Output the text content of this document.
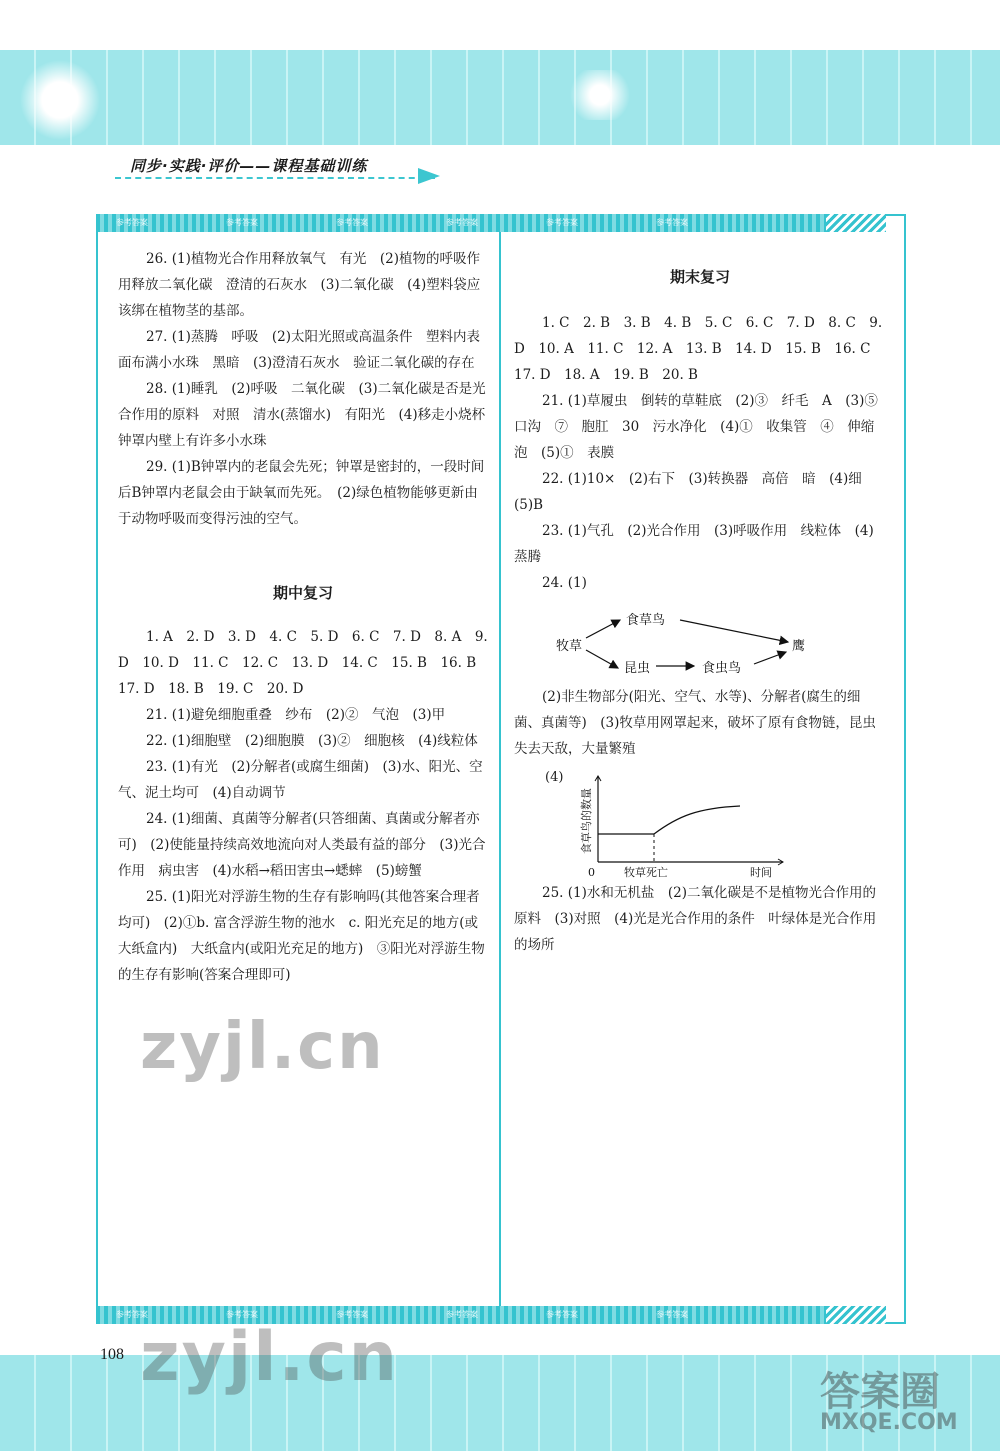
同步·实践·评价——课程基础训练
参考答案	参考答案	参考答案	参考答案	参考答案	参考答案
参考答案	参考答案	参考答案	参考答案	参考答案	参考答案

26. (1)植物光合作用释放氧气　有光　(2)植物的呼吸作用释放二氧化碳　澄清的石灰水　(3)二氧化碳　(4)塑料袋应该绑在植物茎的基部。

27. (1)蒸腾　呼吸　(2)太阳光照或高温条件　塑料内表面布满小水珠　黑暗　(3)澄清石灰水　验证二氧化碳的存在

28. (1)睡乳　(2)呼吸　二氧化碳　(3)二氧化碳是否是光合作用的原料　对照　清水(蒸馏水)　有阳光　(4)移走小烧杯　钟罩内壁上有许多小水珠

29. (1)B钟罩内的老鼠会先死；钟罩是密封的，一段时间后B钟罩内老鼠会由于缺氧而先死。　(2)绿色植物能够更新由于动物呼吸而变得污浊的空气。

期中复习

1. A　2. D　3. D　4. C　5. D　6. C　7. D　8. A　9. D　10. D　11. C　12. C　13. D　14. C　15. B　16. B　17. D　18. B　19. C　20. D

21. (1)避免细胞重叠　纱布　(2)②　气泡　(3)甲

22. (1)细胞壁　(2)细胞膜　(3)②　细胞核　(4)线粒体

23. (1)有光　(2)分解者(或腐生细菌)　(3)水、阳光、空气、泥土均可　(4)自动调节

24. (1)细菌、真菌等分解者(只答细菌、真菌或分解者亦可)　(2)使能量持续高效地流向对人类最有益的部分　(3)光合作用　病虫害　(4)水稻→稻田害虫→蟋蟀　(5)螃蟹

25. (1)阳光对浮游生物的生存有影响吗(其他答案合理者均可)　(2)①b. 富含浮游生物的池水　c. 阳光充足的地方(或大纸盒内)　大纸盒内(或阳光充足的地方)　③阳光对浮游生物的生存有影响(答案合理即可)

期末复习

1. C　2. B　3. B　4. B　5. C　6. C　7. D　8. C　9. D　10. A　11. C　12. A　13. B　14. D　15. B　16. C　17. D　18. A　19. B　20. B

21. (1)草履虫　倒转的草鞋底　(2)③　纤毛　A　(3)⑤　口沟　⑦　胞肛　30　污水净化　(4)①　收集管　④　伸缩泡　(5)①　表膜

22. (1)10×　(2)右下　(3)转换器　高倍　暗　(4)细　(5)B

23. (1)气孔　(2)光合作用　(3)呼吸作用　线粒体　(4)蒸腾

24. (1)

牧草
食草鸟
昆虫	食虫鸟
鹰

(2)非生物部分(阳光、空气、水等)、分解者(腐生的细菌、真菌等)　(3)牧草用网罩起来，破坏了原有食物链，昆虫失去天敌，大量繁殖

(4)
0	牧草死亡	时间
食草鸟的数量

25. (1)水和无机盐　(2)二氧化碳是不是植物光合作用的原料　(3)对照　(4)光是光合作用的条件　叶绿体是光合作用的场所

108
zyjl.cn
zyjl.cn	答案圈
MXQE.COM
